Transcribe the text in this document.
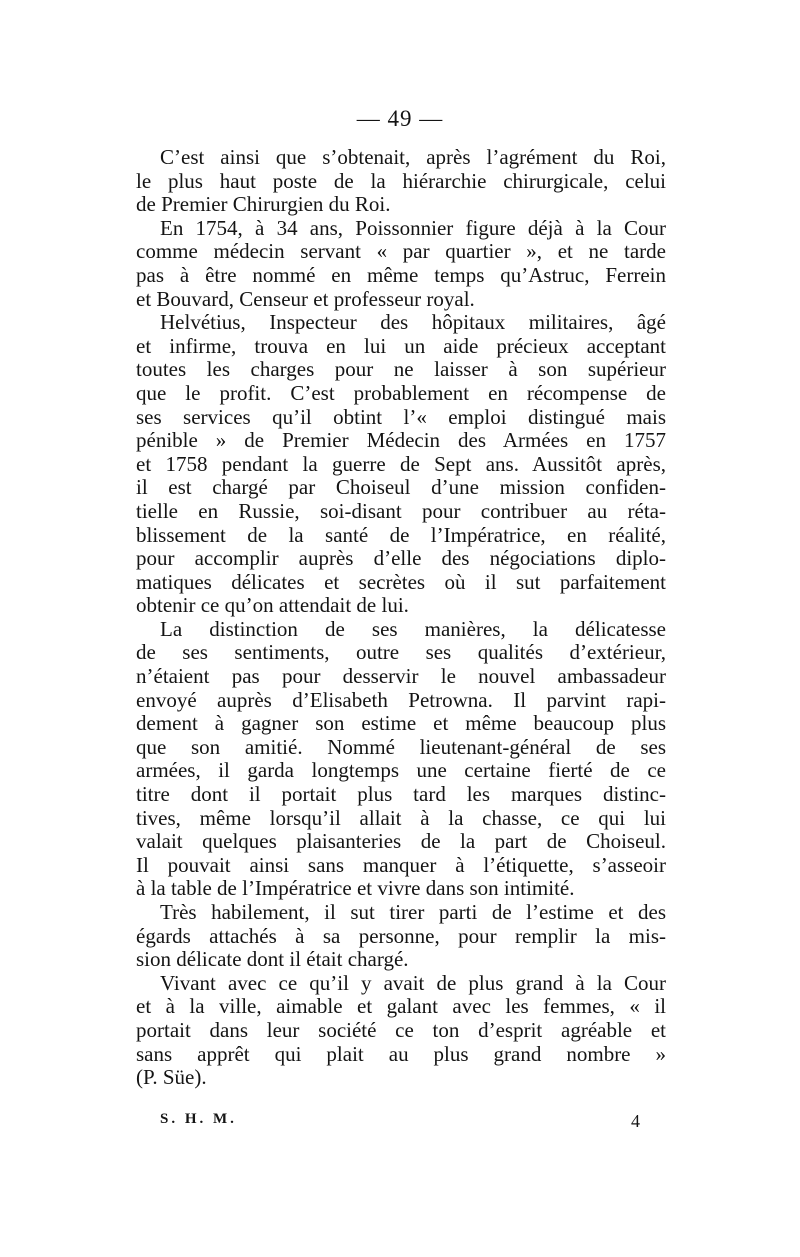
— 49 —
C’est ainsi que s’obtenait, après l’agrément du Roi,
le plus haut poste de la hiérarchie chirurgicale, celui
de Premier Chirurgien du Roi.
En 1754, à 34 ans, Poissonnier figure déjà à la Cour
comme médecin servant « par quartier », et ne tarde
pas à être nommé en même temps qu’Astruc, Ferrein
et Bouvard, Censeur et professeur royal.
Helvétius, Inspecteur des hôpitaux militaires, âgé
et infirme, trouva en lui un aide précieux acceptant
toutes les charges pour ne laisser à son supérieur
que le profit. C’est probablement en récompense de
ses services qu’il obtint l’« emploi distingué mais
pénible » de Premier Médecin des Armées en 1757
et 1758 pendant la guerre de Sept ans. Aussitôt après,
il est chargé par Choiseul d’une mission confiden-
tielle en Russie, soi-disant pour contribuer au réta-
blissement de la santé de l’Impératrice, en réalité,
pour accomplir auprès d’elle des négociations diplo-
matiques délicates et secrètes où il sut parfaitement
obtenir ce qu’on attendait de lui.
La distinction de ses manières, la délicatesse
de ses sentiments, outre ses qualités d’extérieur,
n’étaient pas pour desservir le nouvel ambassadeur
envoyé auprès d’Elisabeth Petrowna. Il parvint rapi-
dement à gagner son estime et même beaucoup plus
que son amitié. Nommé lieutenant-général de ses
armées, il garda longtemps une certaine fierté de ce
titre dont il portait plus tard les marques distinc-
tives, même lorsqu’il allait à la chasse, ce qui lui
valait quelques plaisanteries de la part de Choiseul.
Il pouvait ainsi sans manquer à l’étiquette, s’asseoir
à la table de l’Impératrice et vivre dans son intimité.
Très habilement, il sut tirer parti de l’estime et des
égards attachés à sa personne, pour remplir la mis-
sion délicate dont il était chargé.
Vivant avec ce qu’il y avait de plus grand à la Cour
et à la ville, aimable et galant avec les femmes, « il
portait dans leur société ce ton d’esprit agréable et
sans apprêt qui plait au plus grand nombre »
(P. Süe).
S. H. M.	4
